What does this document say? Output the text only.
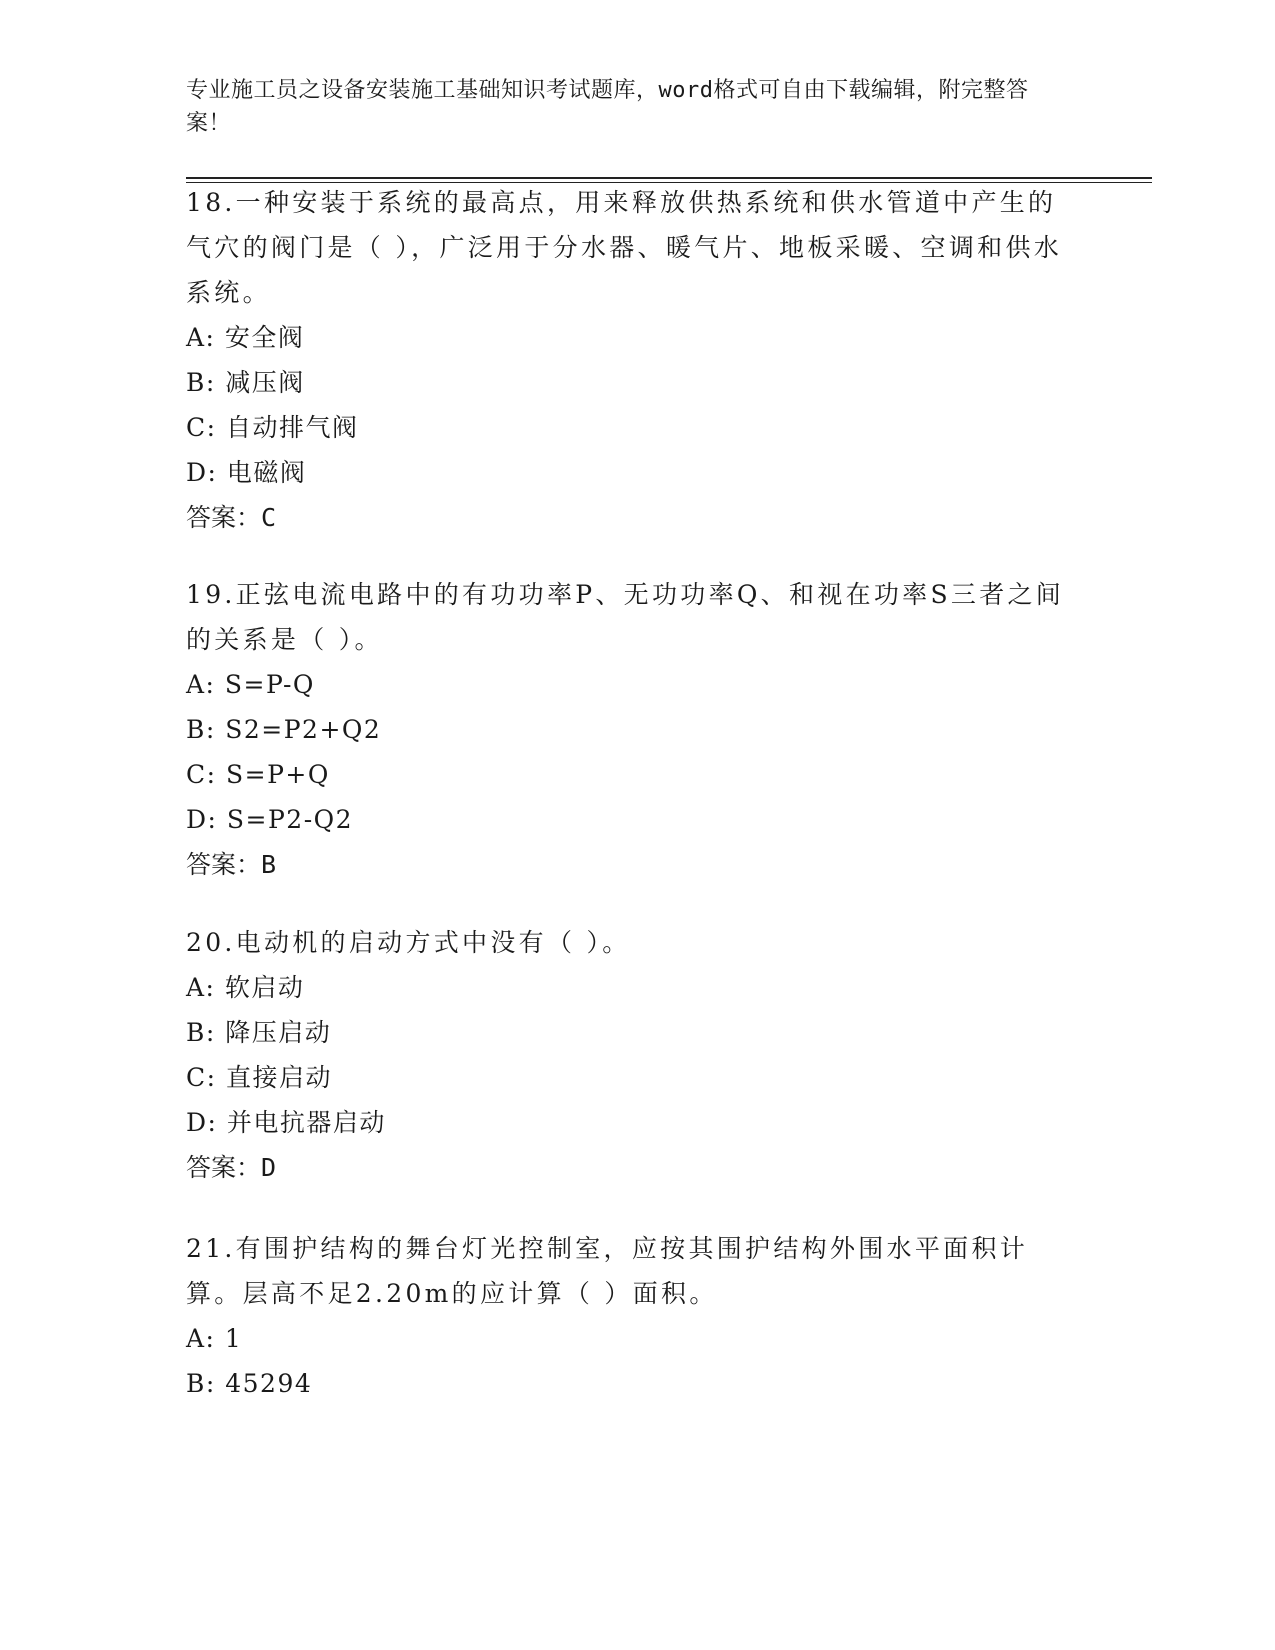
专业施工员之设备安装施工基础知识考试题库，word格式可自由下载编辑，附完整答案！

18.一种安装于系统的最高点，用来释放供热系统和供水管道中产生的气穴的阀门是（ ），广泛用于分水器、暖气片、地板采暖、空调和供水系统。

A: 安全阀

B: 减压阀

C: 自动排气阀

D: 电磁阀

答案：C

19.正弦电流电路中的有功功率P、无功功率Q、和视在功率S三者之间的关系是（ ）。

A: S=P-Q

B: S2=P2+Q2

C: S=P+Q

D: S=P2-Q2

答案：B

20.电动机的启动方式中没有（ ）。

A: 软启动

B: 降压启动

C: 直接启动

D: 并电抗器启动

答案：D

21.有围护结构的舞台灯光控制室，应按其围护结构外围水平面积计算。层高不足2.20m的应计算（ ）面积。

A: 1

B: 45294
